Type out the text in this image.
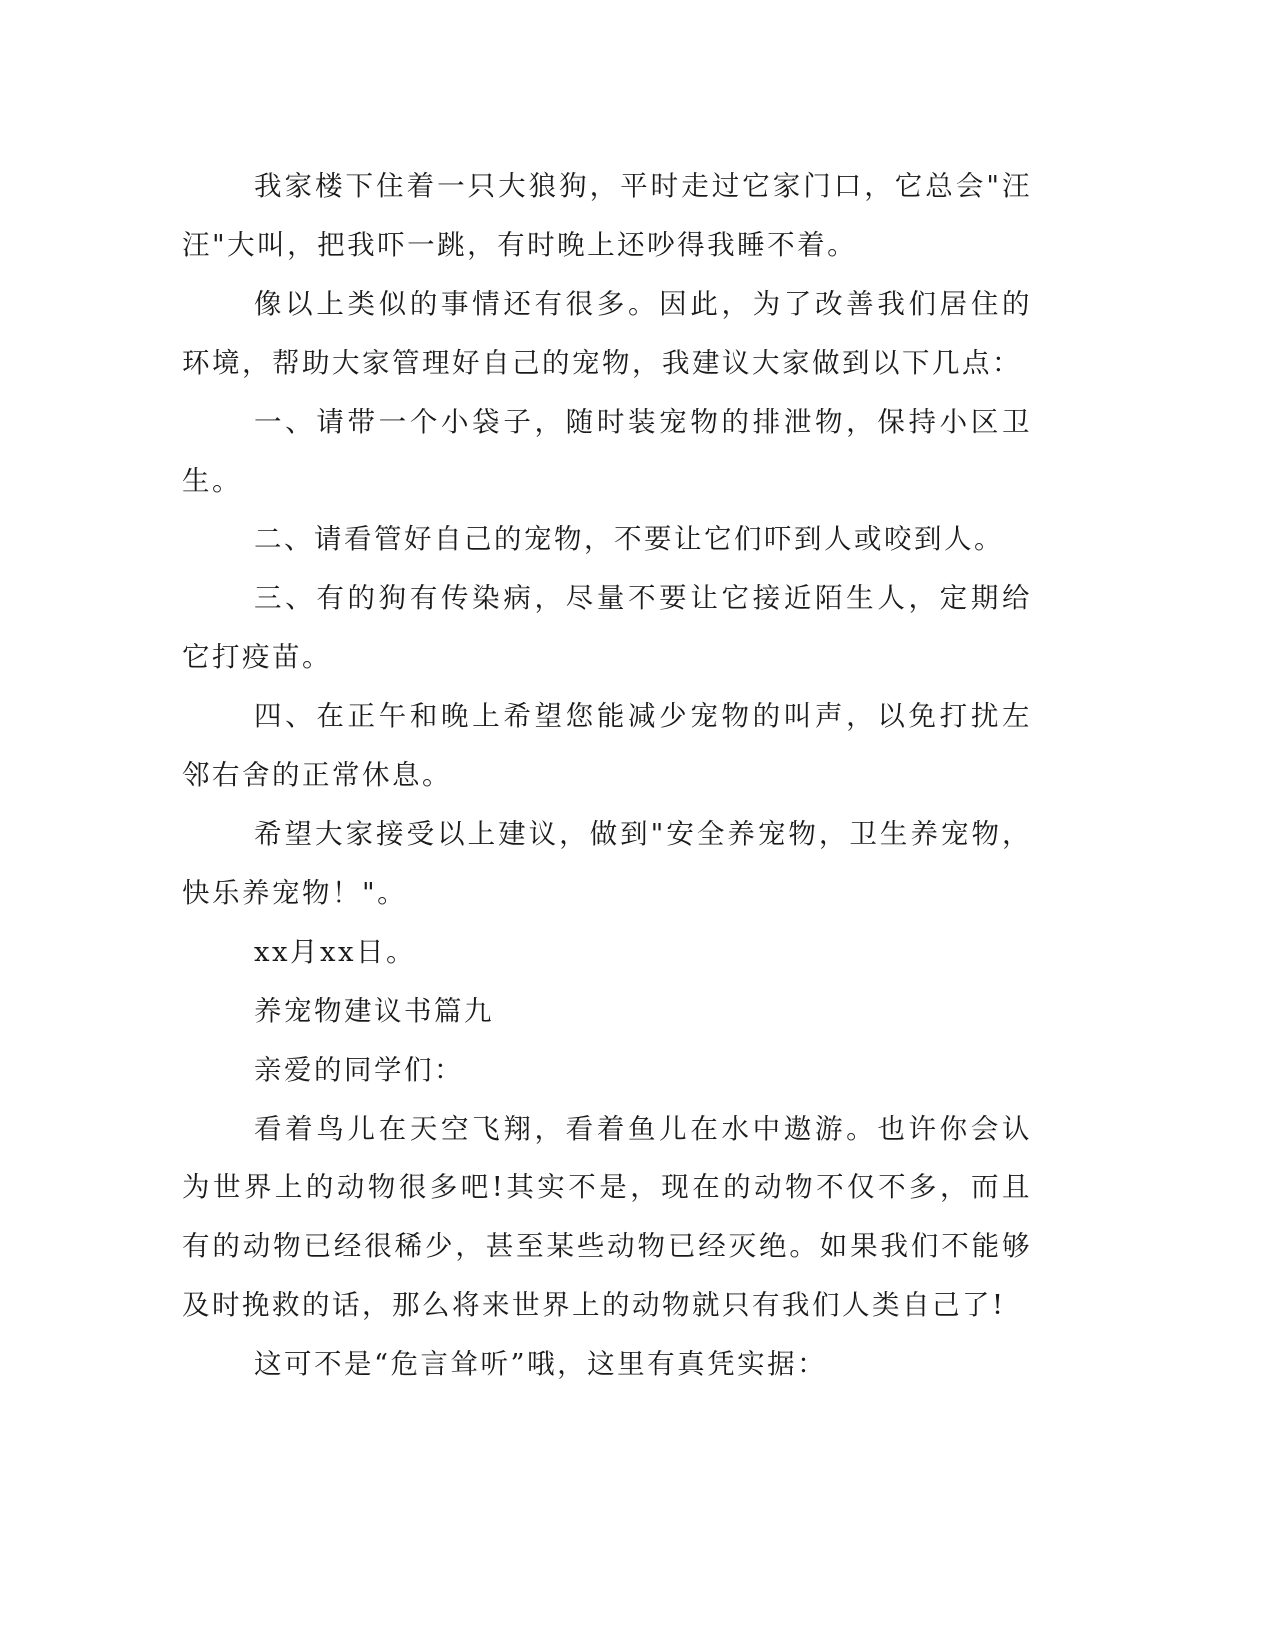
我家楼下住着一只大狼狗，平时走过它家门口，它总会"汪汪"大叫，把我吓一跳，有时晚上还吵得我睡不着。

像以上类似的事情还有很多。因此，为了改善我们居住的环境，帮助大家管理好自己的宠物，我建议大家做到以下几点：

一、请带一个小袋子，随时装宠物的排泄物，保持小区卫生。

二、请看管好自己的宠物，不要让它们吓到人或咬到人。

三、有的狗有传染病，尽量不要让它接近陌生人，定期给它打疫苗。

四、在正午和晚上希望您能减少宠物的叫声，以免打扰左邻右舍的正常休息。

希望大家接受以上建议，做到"安全养宠物，卫生养宠物，快乐养宠物！"。

xx月xx日。

养宠物建议书篇九

亲爱的同学们：

看着鸟儿在天空飞翔，看着鱼儿在水中遨游。也许你会认为世界上的动物很多吧!其实不是，现在的动物不仅不多，而且有的动物已经很稀少，甚至某些动物已经灭绝。如果我们不能够及时挽救的话，那么将来世界上的动物就只有我们人类自己了!

这可不是“危言耸听”哦，这里有真凭实据：
